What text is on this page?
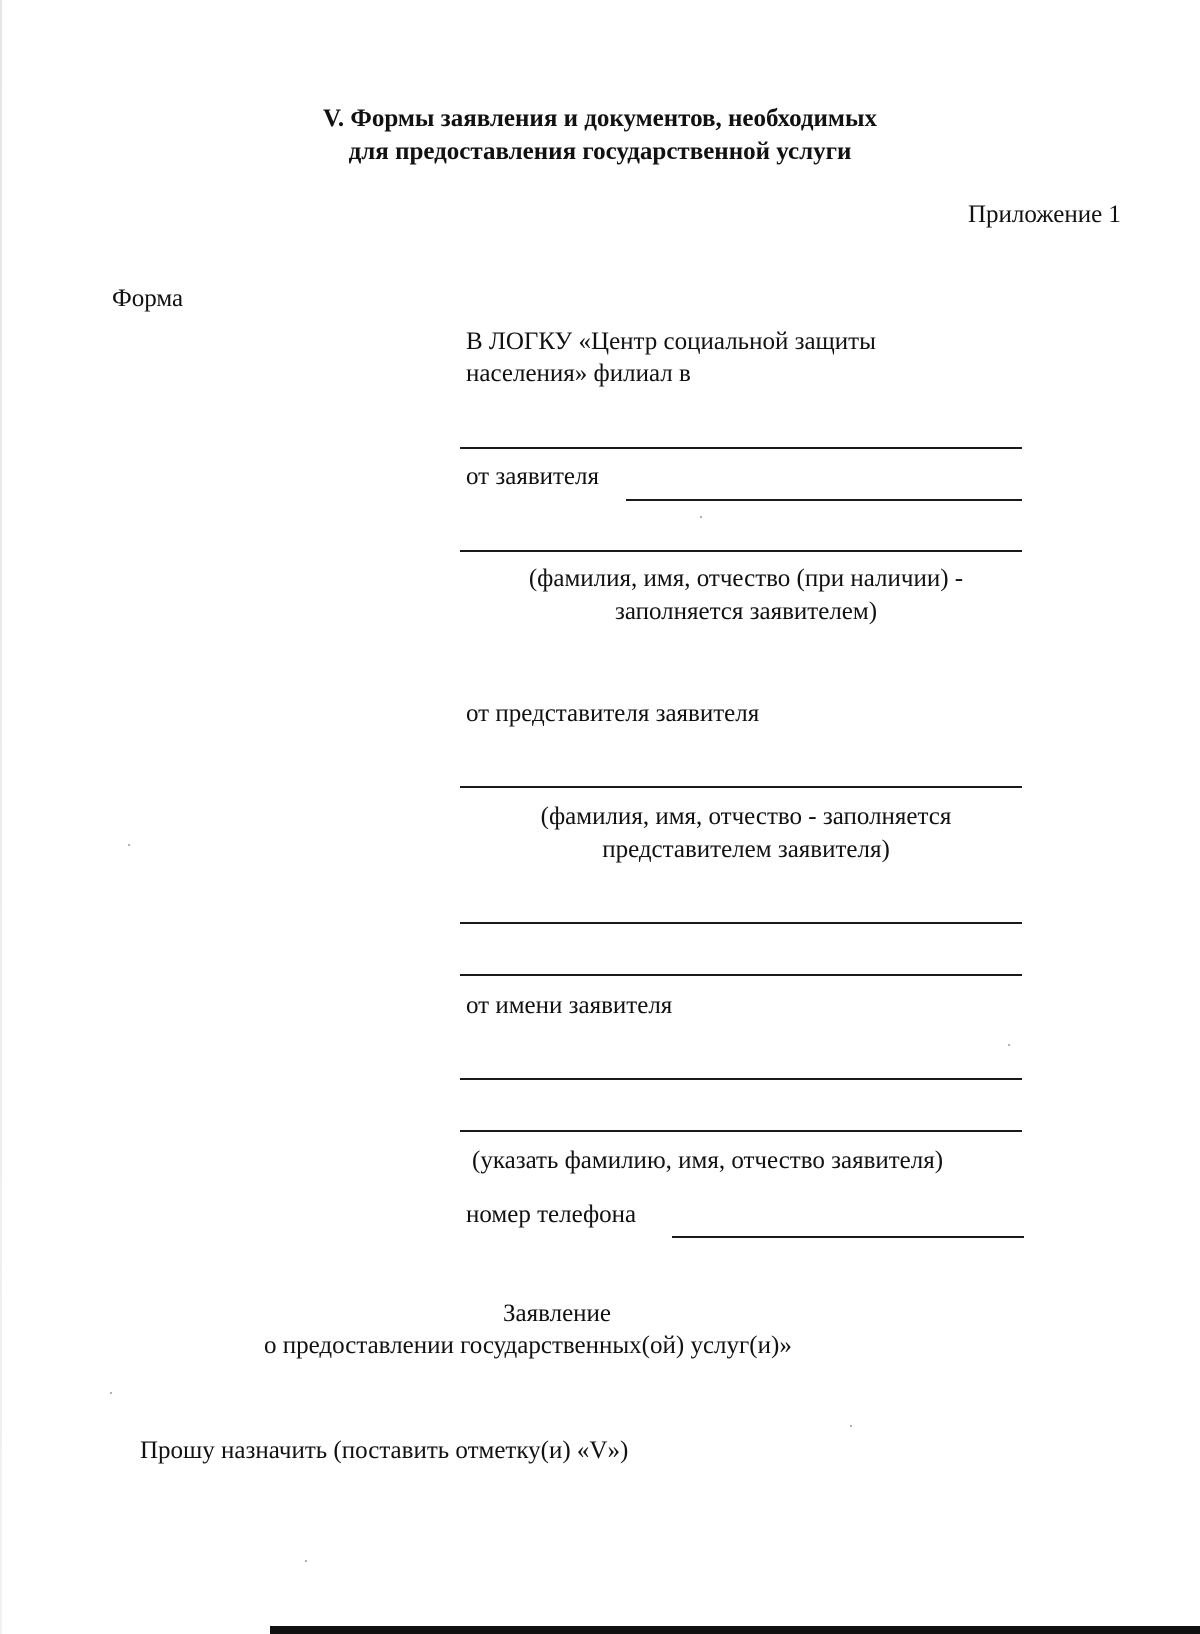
V. Формы заявления и документов, необходимых
для предоставления государственной услуги
Приложение 1
Форма
В ЛОГКУ «Центр социальной защиты
населения» филиал в
от заявителя
(фамилия, имя, отчество (при наличии) -
заполняется заявителем)
от представителя заявителя
(фамилия, имя, отчество - заполняется
представителем заявителя)
от имени заявителя
(указать фамилию, имя, отчество заявителя)
номер телефона
Заявление
о предоставлении государственных(ой) услуг(и)»
Прошу назначить (поставить отметку(и) «V»)
